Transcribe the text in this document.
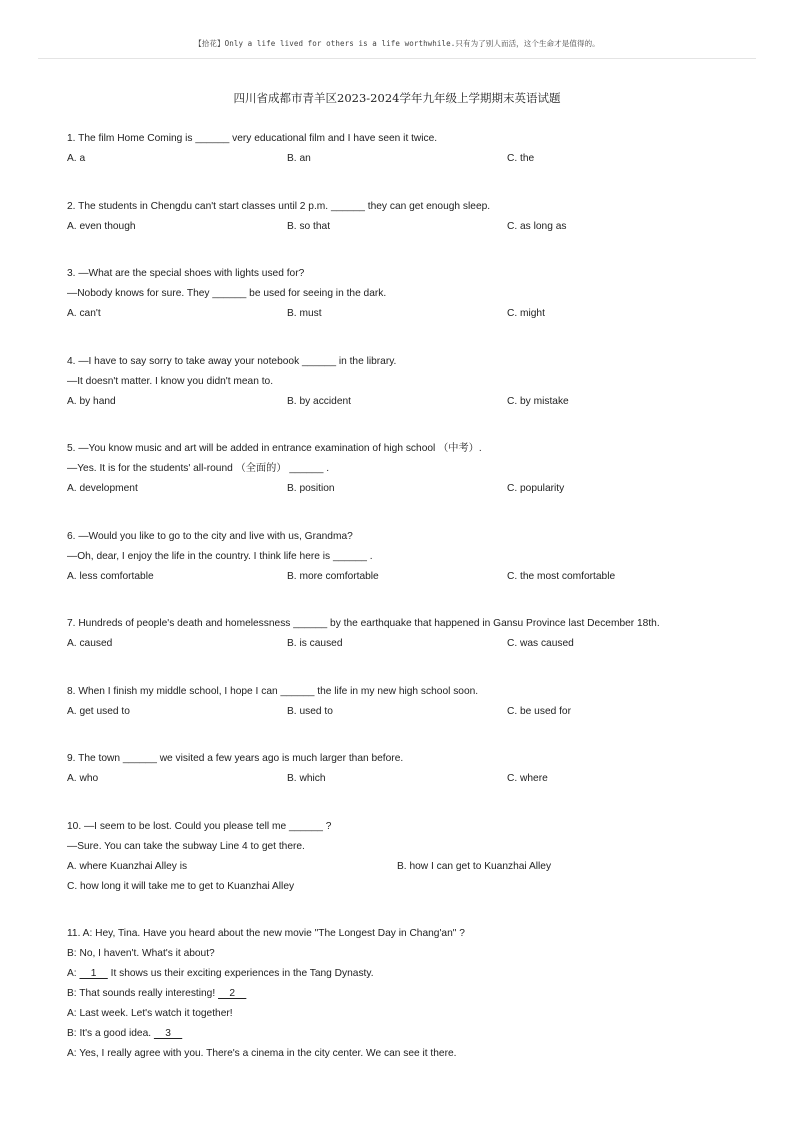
【拾花】Only a life lived for others is a life worthwhile.只有为了别人而活，这个生命才是值得的。
四川省成都市青羊区2023-2024学年九年级上学期期末英语试题
1. The film Home Coming is ______ very educational film and I have seen it twice.
A. a	B. an	C. the
2. The students in Chengdu can't start classes until 2 p.m. ______ they can get enough sleep.
A. even though	B. so that	C. as long as
3. —What are the special shoes with lights used for?
—Nobody knows for sure. They ______ be used for seeing in the dark.
A. can't	B. must	C. might
4. —I have to say sorry to take away your notebook ______ in the library.
—It doesn't matter. I know you didn't mean to.
A. by hand	B. by accident	C. by mistake
5. —You know music and art will be added in entrance examination of high school （中考）.
—Yes. It is for the students' all-round （全面的） ______ .
A. development	B. position	C. popularity
6. —Would you like to go to the city and live with us, Grandma?
—Oh, dear, I enjoy the life in the country. I think life here is ______ .
A. less comfortable	B. more comfortable	C. the most comfortable
7. Hundreds of people's death and homelessness ______ by the earthquake that happened in Gansu Province last December 18th.
A. caused	B. is caused	C. was caused
8. When I finish my middle school, I hope I can ______ the life in my new high school soon.
A. get used to	B. used to	C. be used for
9. The town ______ we visited a few years ago is much larger than before.
A. who	B. which	C. where
10. —I seem to be lost. Could you please tell me ______ ?
—Sure. You can take the subway Line 4 to get there.
A. where Kuanzhai Alley is	B. how I can get to Kuanzhai Alley
C. how long it will take me to get to Kuanzhai Alley
11. A: Hey, Tina. Have you heard about the new movie "The Longest Day in Chang'an" ?
B: No, I haven't. What's it about?
A:     1     It shows us their exciting experiences in the Tang Dynasty.
B: That sounds really interesting!     2
A: Last week. Let's watch it together!
B: It's a good idea.     3
A: Yes, I really agree with you. There's a cinema in the city center. We can see it there.
